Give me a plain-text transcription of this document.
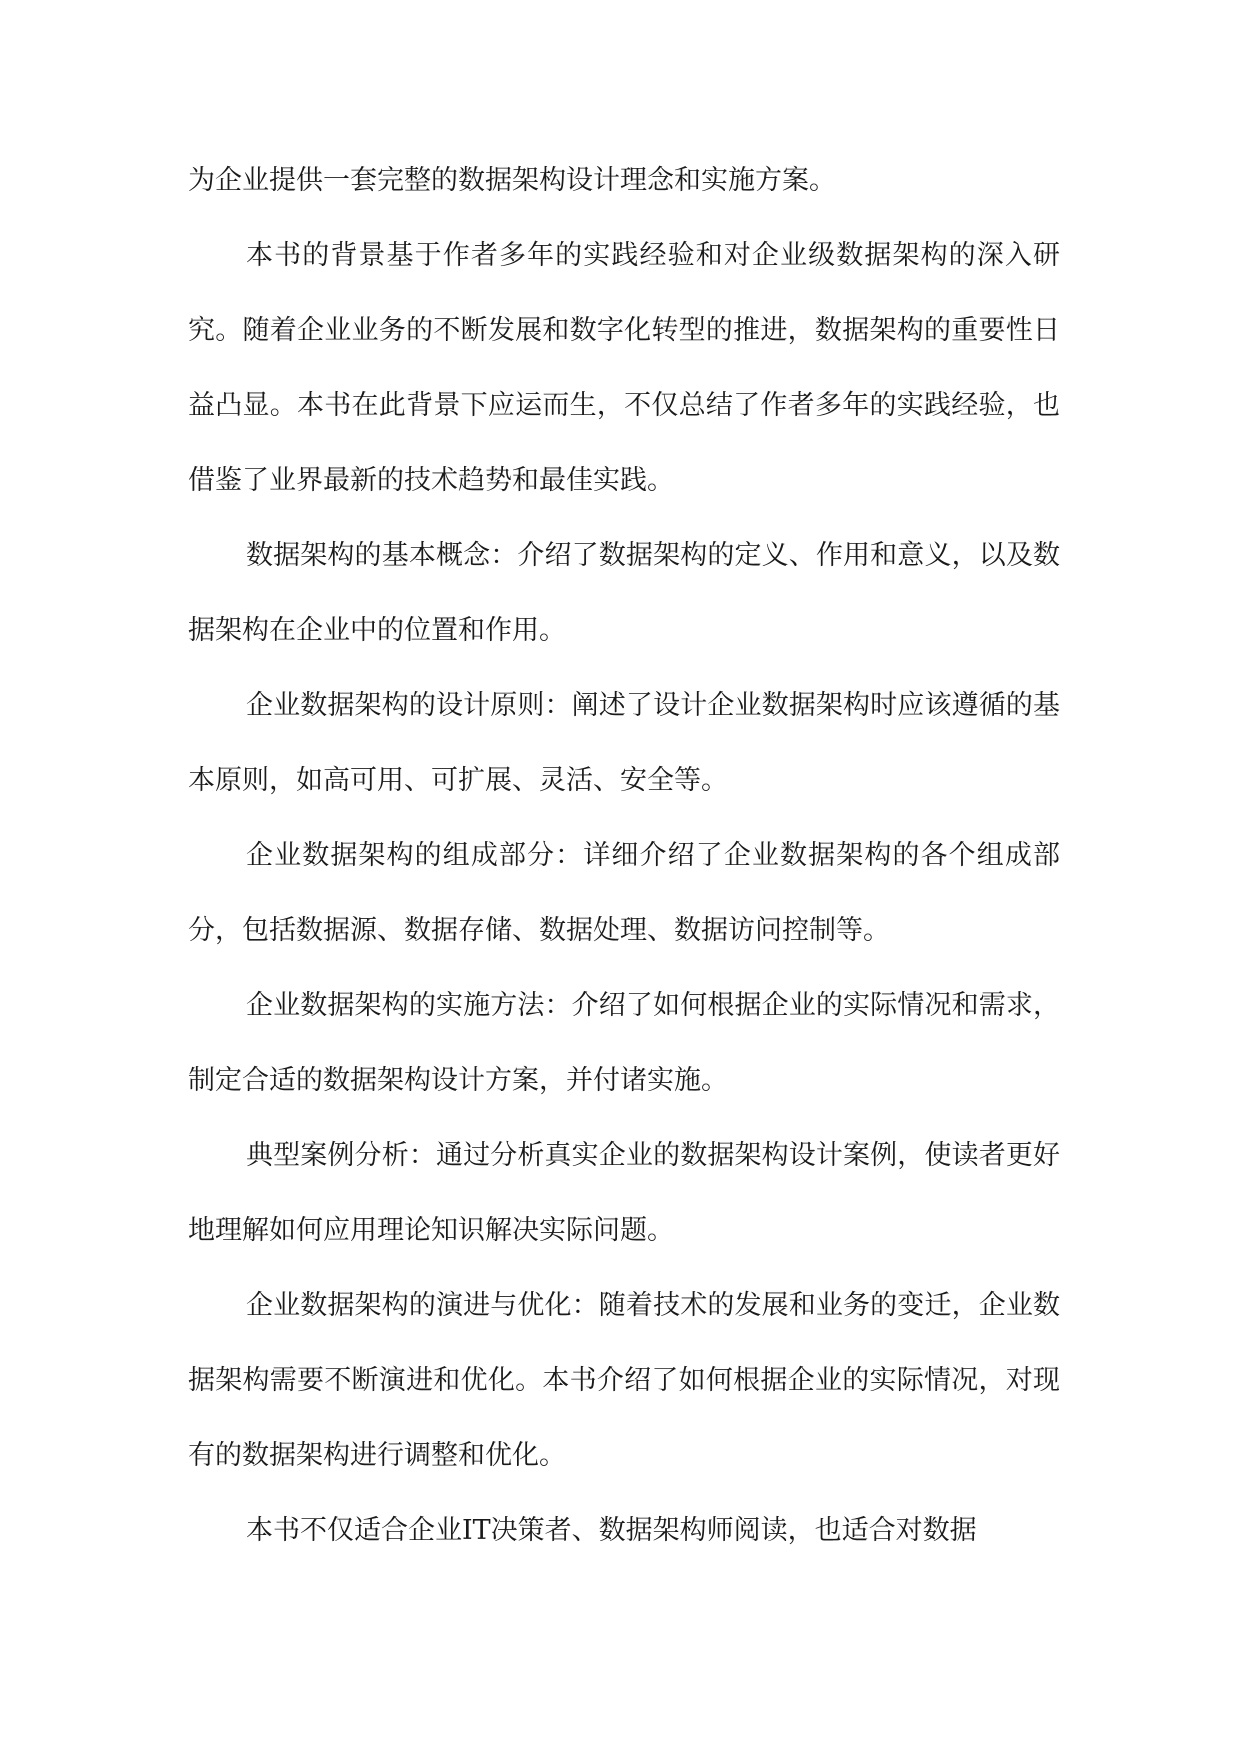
为企业提供一套完整的数据架构设计理念和实施方案。

本书的背景基于作者多年的实践经验和对企业级数据架构的深入研究。随着企业业务的不断发展和数字化转型的推进，数据架构的重要性日益凸显。本书在此背景下应运而生，不仅总结了作者多年的实践经验，也借鉴了业界最新的技术趋势和最佳实践。

数据架构的基本概念：介绍了数据架构的定义、作用和意义，以及数据架构在企业中的位置和作用。

企业数据架构的设计原则：阐述了设计企业数据架构时应该遵循的基本原则，如高可用、可扩展、灵活、安全等。

企业数据架构的组成部分：详细介绍了企业数据架构的各个组成部分，包括数据源、数据存储、数据处理、数据访问控制等。

企业数据架构的实施方法：介绍了如何根据企业的实际情况和需求，制定合适的数据架构设计方案，并付诸实施。

典型案例分析：通过分析真实企业的数据架构设计案例，使读者更好地理解如何应用理论知识解决实际问题。

企业数据架构的演进与优化：随着技术的发展和业务的变迁，企业数据架构需要不断演进和优化。本书介绍了如何根据企业的实际情况，对现有的数据架构进行调整和优化。

本书不仅适合企业IT决策者、数据架构师阅读，也适合对数据
